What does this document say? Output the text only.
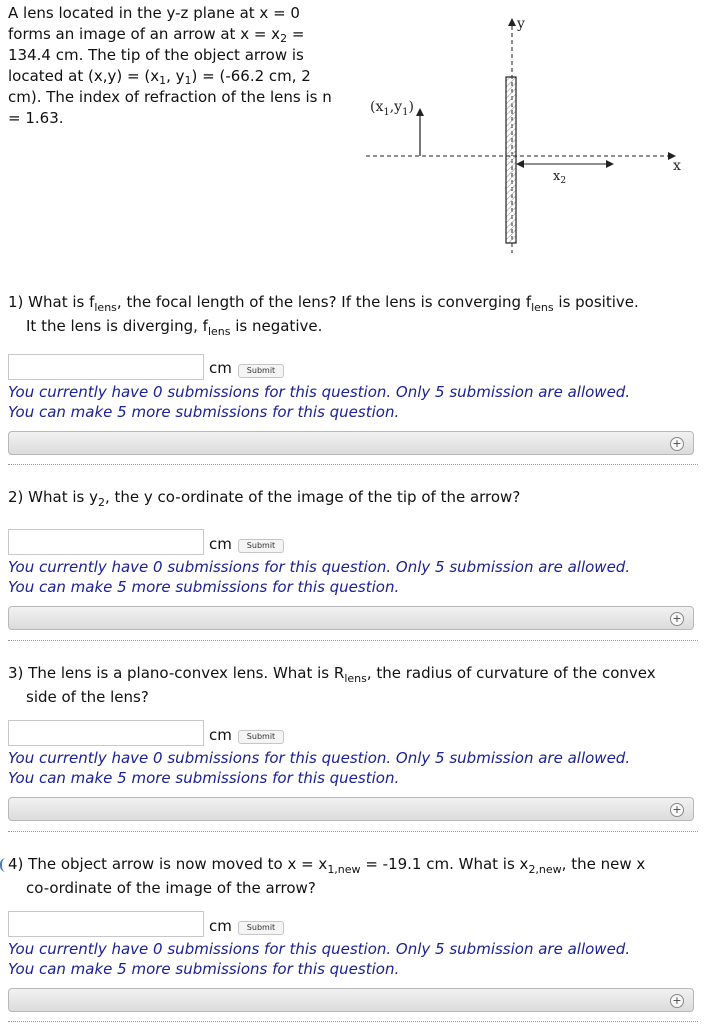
A lens located in the y-z plane at x = 0
forms an image of an arrow at $x = x_2$ =
134.4 cm. The tip of the object arrow is
located at $(x,y) = (x_1$, $y_1) = (-66.2$ cm, 2
cm). The index of refraction of the lens is n
= 1.63.
y
x
$(x_1,y_1)$
$x_2$
1) What is $f_{lens}$, the focal length of the lens? If the lens is converging $f_{lens}$ is positive.
It the lens is diverging, $f_{lens}$ is negative.
cm	Submit
You currently have 0 submissions for this question. Only 5 submission are allowed.
You can make 5 more submissions for this question.
+
2) What is $y_2$, the y co-ordinate of the image of the tip of the arrow?
cm	Submit
You currently have 0 submissions for this question. Only 5 submission are allowed.
You can make 5 more submissions for this question.
+
3) The lens is a plano-convex lens. What is $R_{lens}$, the radius of curvature of the convex
side of the lens?
cm	Submit
You currently have 0 submissions for this question. Only 5 submission are allowed.
You can make 5 more submissions for this question.
+
4) The object arrow is now moved to $x = x_{1,new} = -19.1$ cm. What is $x_{2,new}$, the new x
co-ordinate of the image of the arrow?
cm	Submit
You currently have 0 submissions for this question. Only 5 submission are allowed.
You can make 5 more submissions for this question.
+
